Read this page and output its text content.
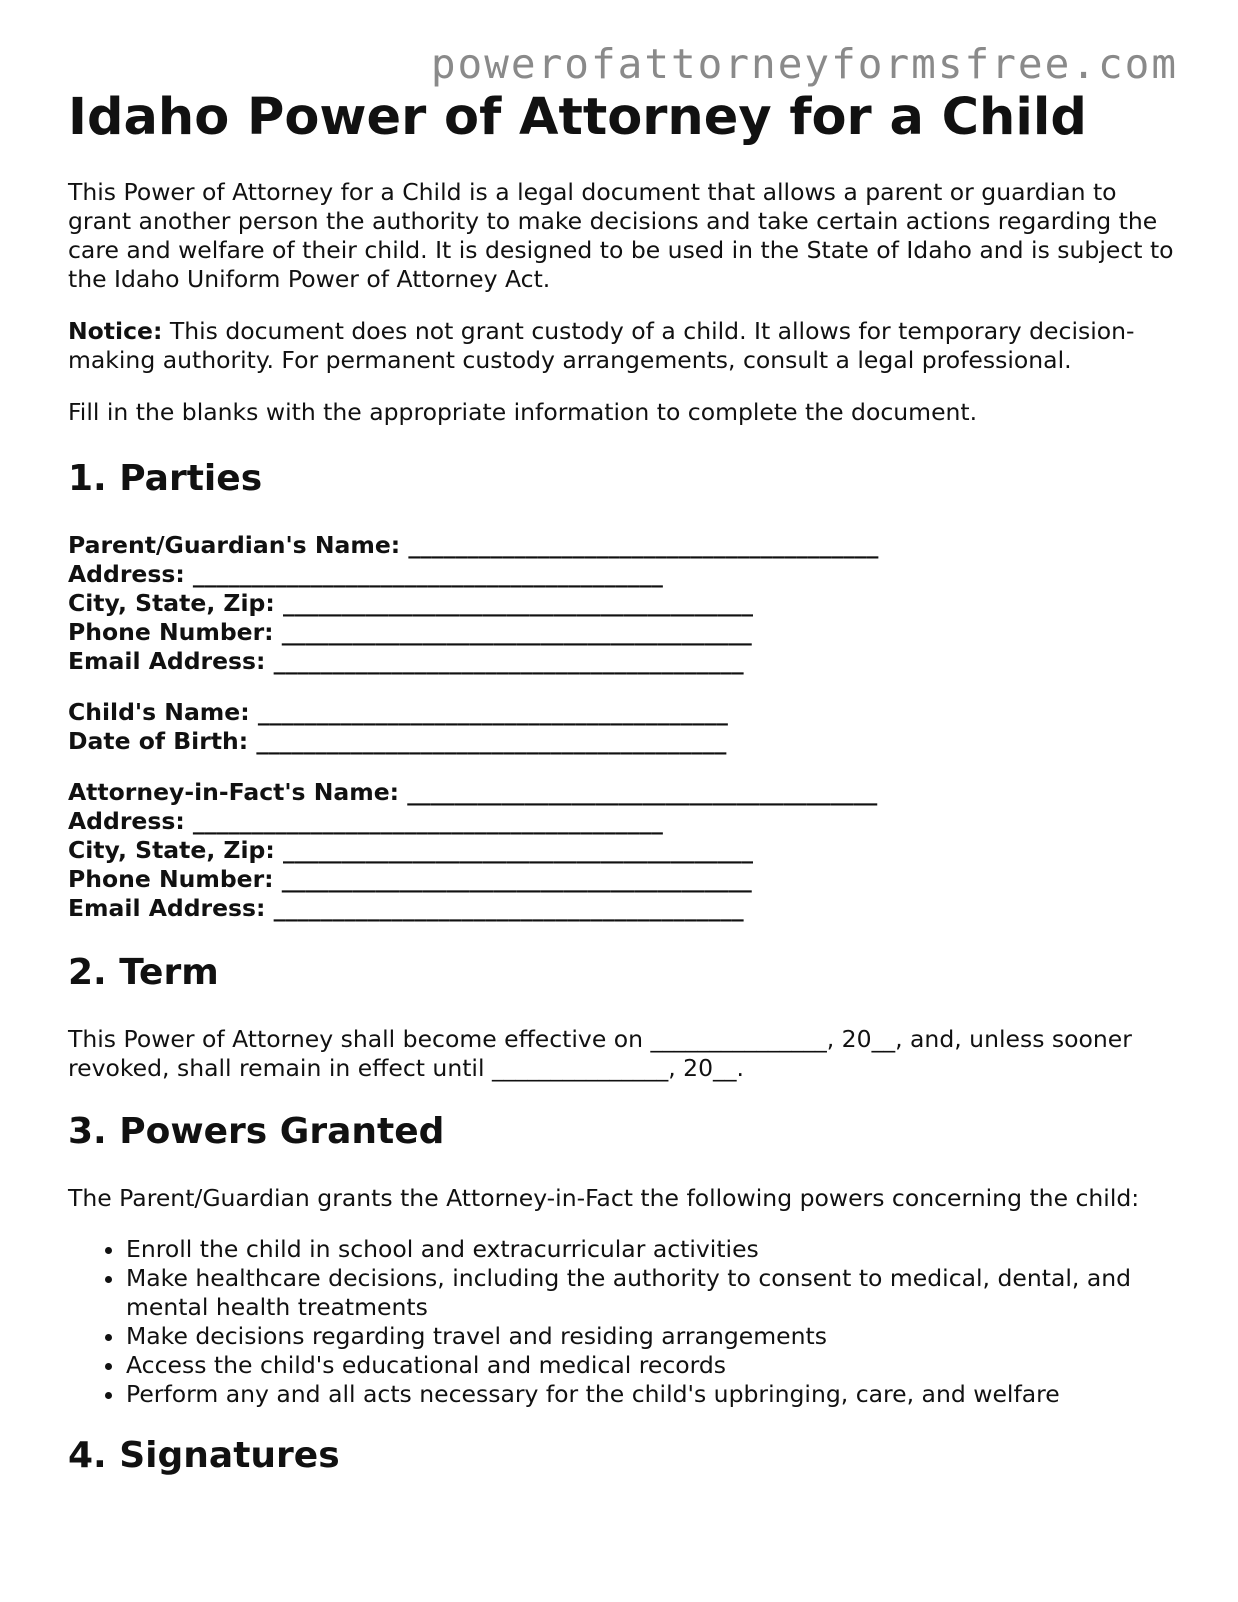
powerofattorneyformsfree.com
Idaho Power of Attorney for a Child

This Power of Attorney for a Child is a legal document that allows a parent or guardian to grant another person the authority to make decisions and take certain actions regarding the care and welfare of their child. It is designed to be used in the State of Idaho and is subject to the Idaho Uniform Power of Attorney Act.

Notice: This document does not grant custody of a child. It allows for temporary decision-making authority. For permanent custody arrangements, consult a legal professional.

Fill in the blanks with the appropriate information to complete the document.

1. Parties
Parent/Guardian's Name: ________________________________________
Address: ________________________________________
City, State, Zip: ________________________________________
Phone Number: ________________________________________
Email Address: ________________________________________
Child's Name: ________________________________________
Date of Birth: ________________________________________
Attorney-in-Fact's Name: ________________________________________
Address: ________________________________________
City, State, Zip: ________________________________________
Phone Number: ________________________________________
Email Address: ________________________________________
2. Term

This Power of Attorney shall become effective on _______________, 20__, and, unless sooner revoked, shall remain in effect until _______________, 20__.

3. Powers Granted

The Parent/Guardian grants the Attorney-in-Fact the following powers concerning the child:

• Enroll the child in school and extracurricular activities
• Make healthcare decisions, including the authority to consent to medical, dental, and mental health treatments
• Make decisions regarding travel and residing arrangements
• Access the child's educational and medical records
• Perform any and all acts necessary for the child's upbringing, care, and welfare
4. Signatures
